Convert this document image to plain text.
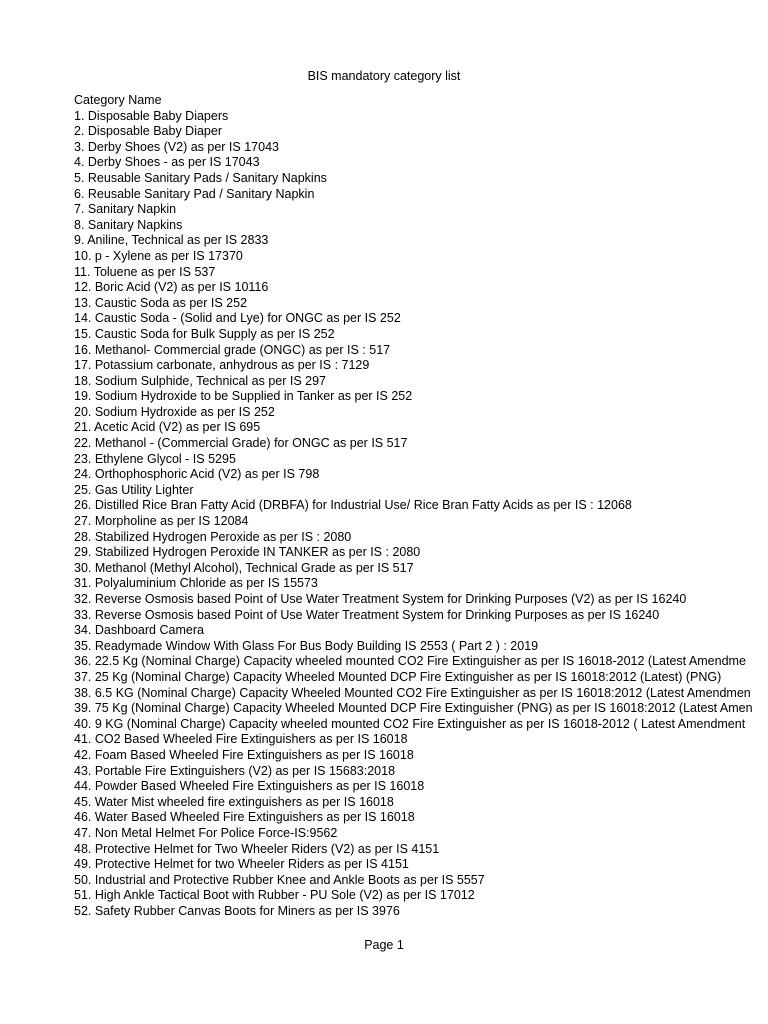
BIS mandatory category list
Category Name
1. Disposable Baby Diapers
2. Disposable Baby Diaper
3. Derby Shoes (V2) as per IS 17043
4. Derby Shoes - as per IS 17043
5. Reusable Sanitary Pads / Sanitary Napkins
6. Reusable Sanitary Pad / Sanitary Napkin
7. Sanitary Napkin
8. Sanitary Napkins
9. Aniline, Technical as per IS 2833
10. p - Xylene as per IS 17370
11. Toluene as per IS 537
12. Boric Acid (V2) as per IS 10116
13. Caustic Soda as per IS 252
14. Caustic Soda - (Solid and Lye) for ONGC as per IS 252
15. Caustic Soda for Bulk Supply as per IS 252
16. Methanol- Commercial grade (ONGC) as per IS : 517
17. Potassium carbonate, anhydrous as per IS : 7129
18. Sodium Sulphide, Technical as per IS 297
19. Sodium Hydroxide to be Supplied in Tanker as per IS 252
20. Sodium Hydroxide as per IS 252
21. Acetic Acid (V2) as per IS 695
22. Methanol - (Commercial Grade) for ONGC as per IS 517
23. Ethylene Glycol - IS 5295
24. Orthophosphoric Acid (V2) as per IS 798
25. Gas Utility Lighter
26. Distilled Rice Bran Fatty Acid (DRBFA) for Industrial Use/ Rice Bran Fatty Acids as per IS : 12068
27. Morpholine as per IS 12084
28. Stabilized Hydrogen Peroxide as per IS : 2080
29. Stabilized Hydrogen Peroxide IN TANKER as per IS : 2080
30. Methanol (Methyl Alcohol), Technical Grade as per IS 517
31. Polyaluminium Chloride as per IS 15573
32. Reverse Osmosis based Point of Use Water Treatment System for Drinking Purposes (V2) as per IS 16240
33. Reverse Osmosis based Point of Use Water Treatment System for Drinking Purposes as per IS 16240
34. Dashboard Camera
35. Readymade Window With Glass For Bus Body Building IS 2553 ( Part 2 ) : 2019
36. 22.5 Kg (Nominal Charge) Capacity wheeled mounted CO2 Fire Extinguisher as per IS 16018-2012 (Latest Amendme
37. 25 Kg (Nominal Charge) Capacity Wheeled Mounted DCP Fire Extinguisher as per IS 16018:2012 (Latest) (PNG)
38. 6.5 KG (Nominal Charge) Capacity Wheeled Mounted CO2 Fire Extinguisher as per IS 16018:2012 (Latest Amendmen
39. 75 Kg (Nominal Charge) Capacity Wheeled Mounted DCP Fire Extinguisher (PNG) as per IS 16018:2012 (Latest Amen
40. 9 KG (Nominal Charge) Capacity wheeled mounted CO2 Fire Extinguisher as per IS 16018-2012 ( Latest Amendment
41. CO2 Based Wheeled Fire Extinguishers as per IS 16018
42. Foam Based Wheeled Fire Extinguishers as per IS 16018
43. Portable Fire Extinguishers (V2) as per IS 15683:2018
44. Powder Based Wheeled Fire Extinguishers as per IS 16018
45. Water Mist wheeled fire extinguishers as per IS 16018
46. Water Based Wheeled Fire Extinguishers as per IS 16018
47. Non Metal Helmet For Police Force-IS:9562
48. Protective Helmet for Two Wheeler Riders (V2) as per IS 4151
49. Protective Helmet for two Wheeler Riders as per IS 4151
50. Industrial and Protective Rubber Knee and Ankle Boots as per IS 5557
51. High Ankle Tactical Boot with Rubber - PU Sole (V2) as per IS 17012
52. Safety Rubber Canvas Boots for Miners as per IS 3976
Page 1
